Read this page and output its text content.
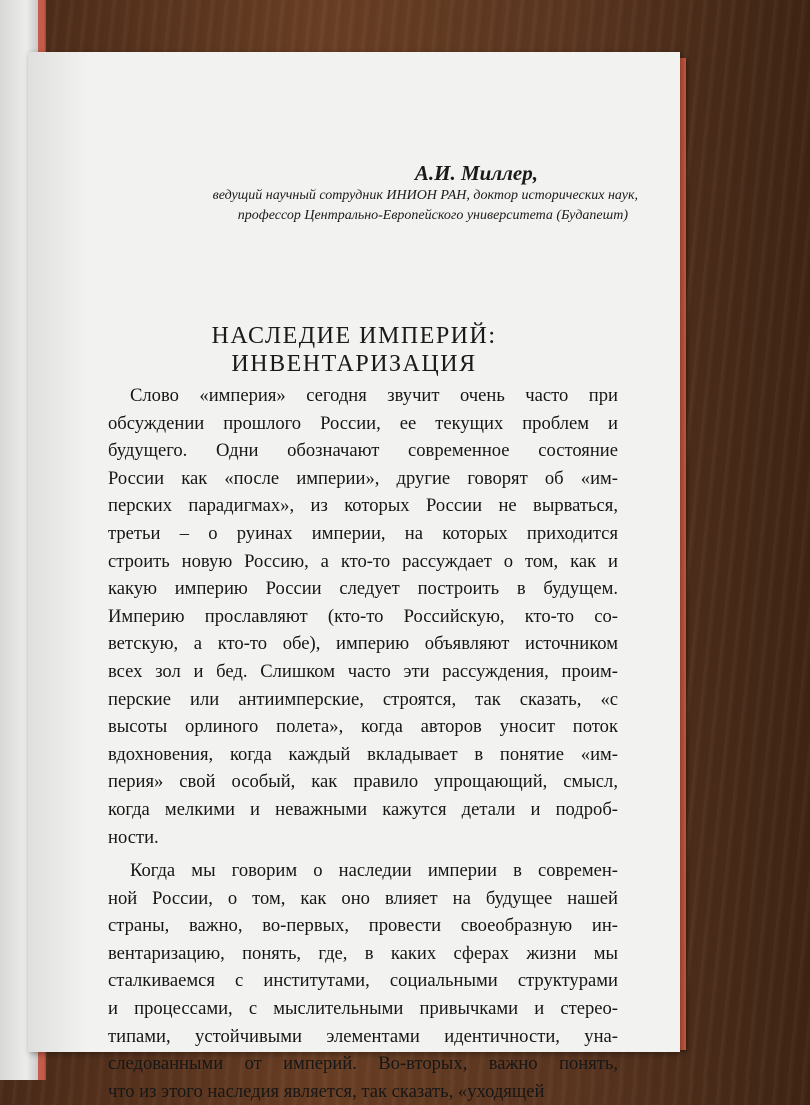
А.И. Миллер,
ведущий научный сотрудник ИНИОН РАН, доктор исторических наук,
профессор Центрально-Европейского университета (Будапешт)
НАСЛЕДИЕ ИМПЕРИЙ:
ИНВЕНТАРИЗАЦИЯ
Слово «империя» сегодня звучит очень часто при
обсуждении прошлого России, ее текущих проблем и
будущего. Одни обозначают современное состояние
России как «после империи», другие говорят об «им-
перских парадигмах», из которых России не вырваться,
третьи – о руинах империи, на которых приходится
строить новую Россию, а кто-то рассуждает о том, как и
какую империю России следует построить в будущем.
Империю прославляют (кто-то Российскую, кто-то со-
ветскую, а кто-то обе), империю объявляют источником
всех зол и бед. Слишком часто эти рассуждения, проим-
перские или антиимперские, строятся, так сказать, «с
высоты орлиного полета», когда авторов уносит поток
вдохновения, когда каждый вкладывает в понятие «им-
перия» свой особый, как правило упрощающий, смысл,
когда мелкими и неважными кажутся детали и подроб-
ности.
Когда мы говорим о наследии империи в современ-
ной России, о том, как оно влияет на будущее нашей
страны, важно, во-первых, провести своеобразную ин-
вентаризацию, понять, где, в каких сферах жизни мы
сталкиваемся с институтами, социальными структурами
и процессами, с мыслительными привычками и стерео-
типами, устойчивыми элементами идентичности, уна-
следованными от империй. Во-вторых, важно понять,
что из этого наследия является, так сказать, «уходящей
